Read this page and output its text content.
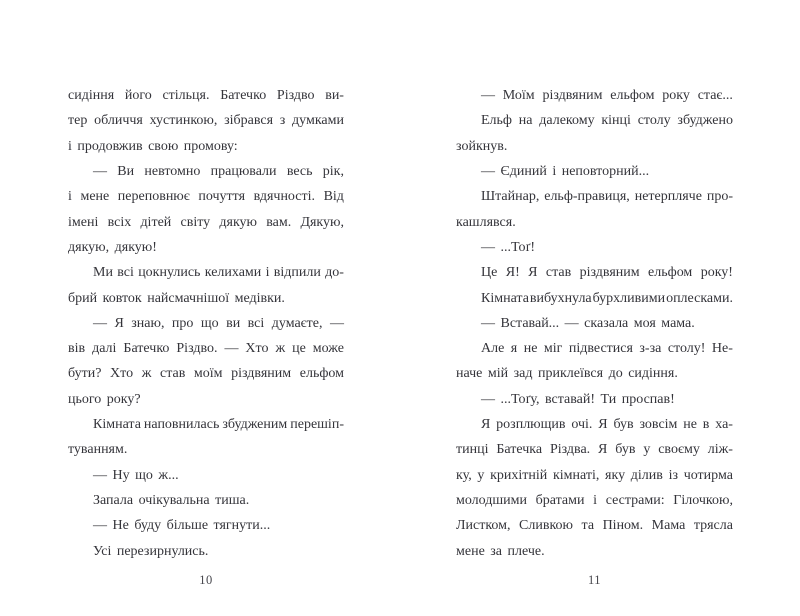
сидіння його стільця. Батечко Різдво ви-
тер обличчя хустинкою, зібрався з думками
і продовжив свою промову:
— Ви невтомно працювали весь рік,
і мене переповнює почуття вдячності. Від
імені всіх дітей світу дякую вам. Дякую,
дякую, дякую!
Ми всі цокнулись келихами і відпили до-
брий ковток найсмачнішої медівки.
— Я знаю, про що ви всі думаєте, —
вів далі Батечко Різдво. — Хто ж це може
бути? Хто ж став моїм різдвяним ельфом
цього року?
Кімната наповнилась збудженим перешіп-
туванням.
— Ну що ж...
Запала очікувальна тиша.
— Не буду більше тягнути...
Усі перезирнулись.
— Моїм різдвяним ельфом року стає...
Ельф на далекому кінці столу збуджено
зойкнув.
— Єдиний і неповторний...
Штайнар, ельф-правиця, нетерпляче про-
кашлявся.
— ...Тоґ!
Це Я! Я став різдвяним ельфом року!
Кімната вибухнула бурхливими оплесками.
— Вставай... — сказала моя мама.
Але я не міг підвестися з-за столу! Не-
наче мій зад приклеївся до сидіння.
— ...Тоґу, вставай! Ти проспав!
Я розплющив очі. Я був зовсім не в ха-
тинці Батечка Різдва. Я був у своєму ліж-
ку, у крихітній кімнаті, яку ділив із чотирма
молодшими братами і сестрами: Гілочкою,
Листком, Сливкою та Піном. Мама трясла
мене за плече.
10	11
